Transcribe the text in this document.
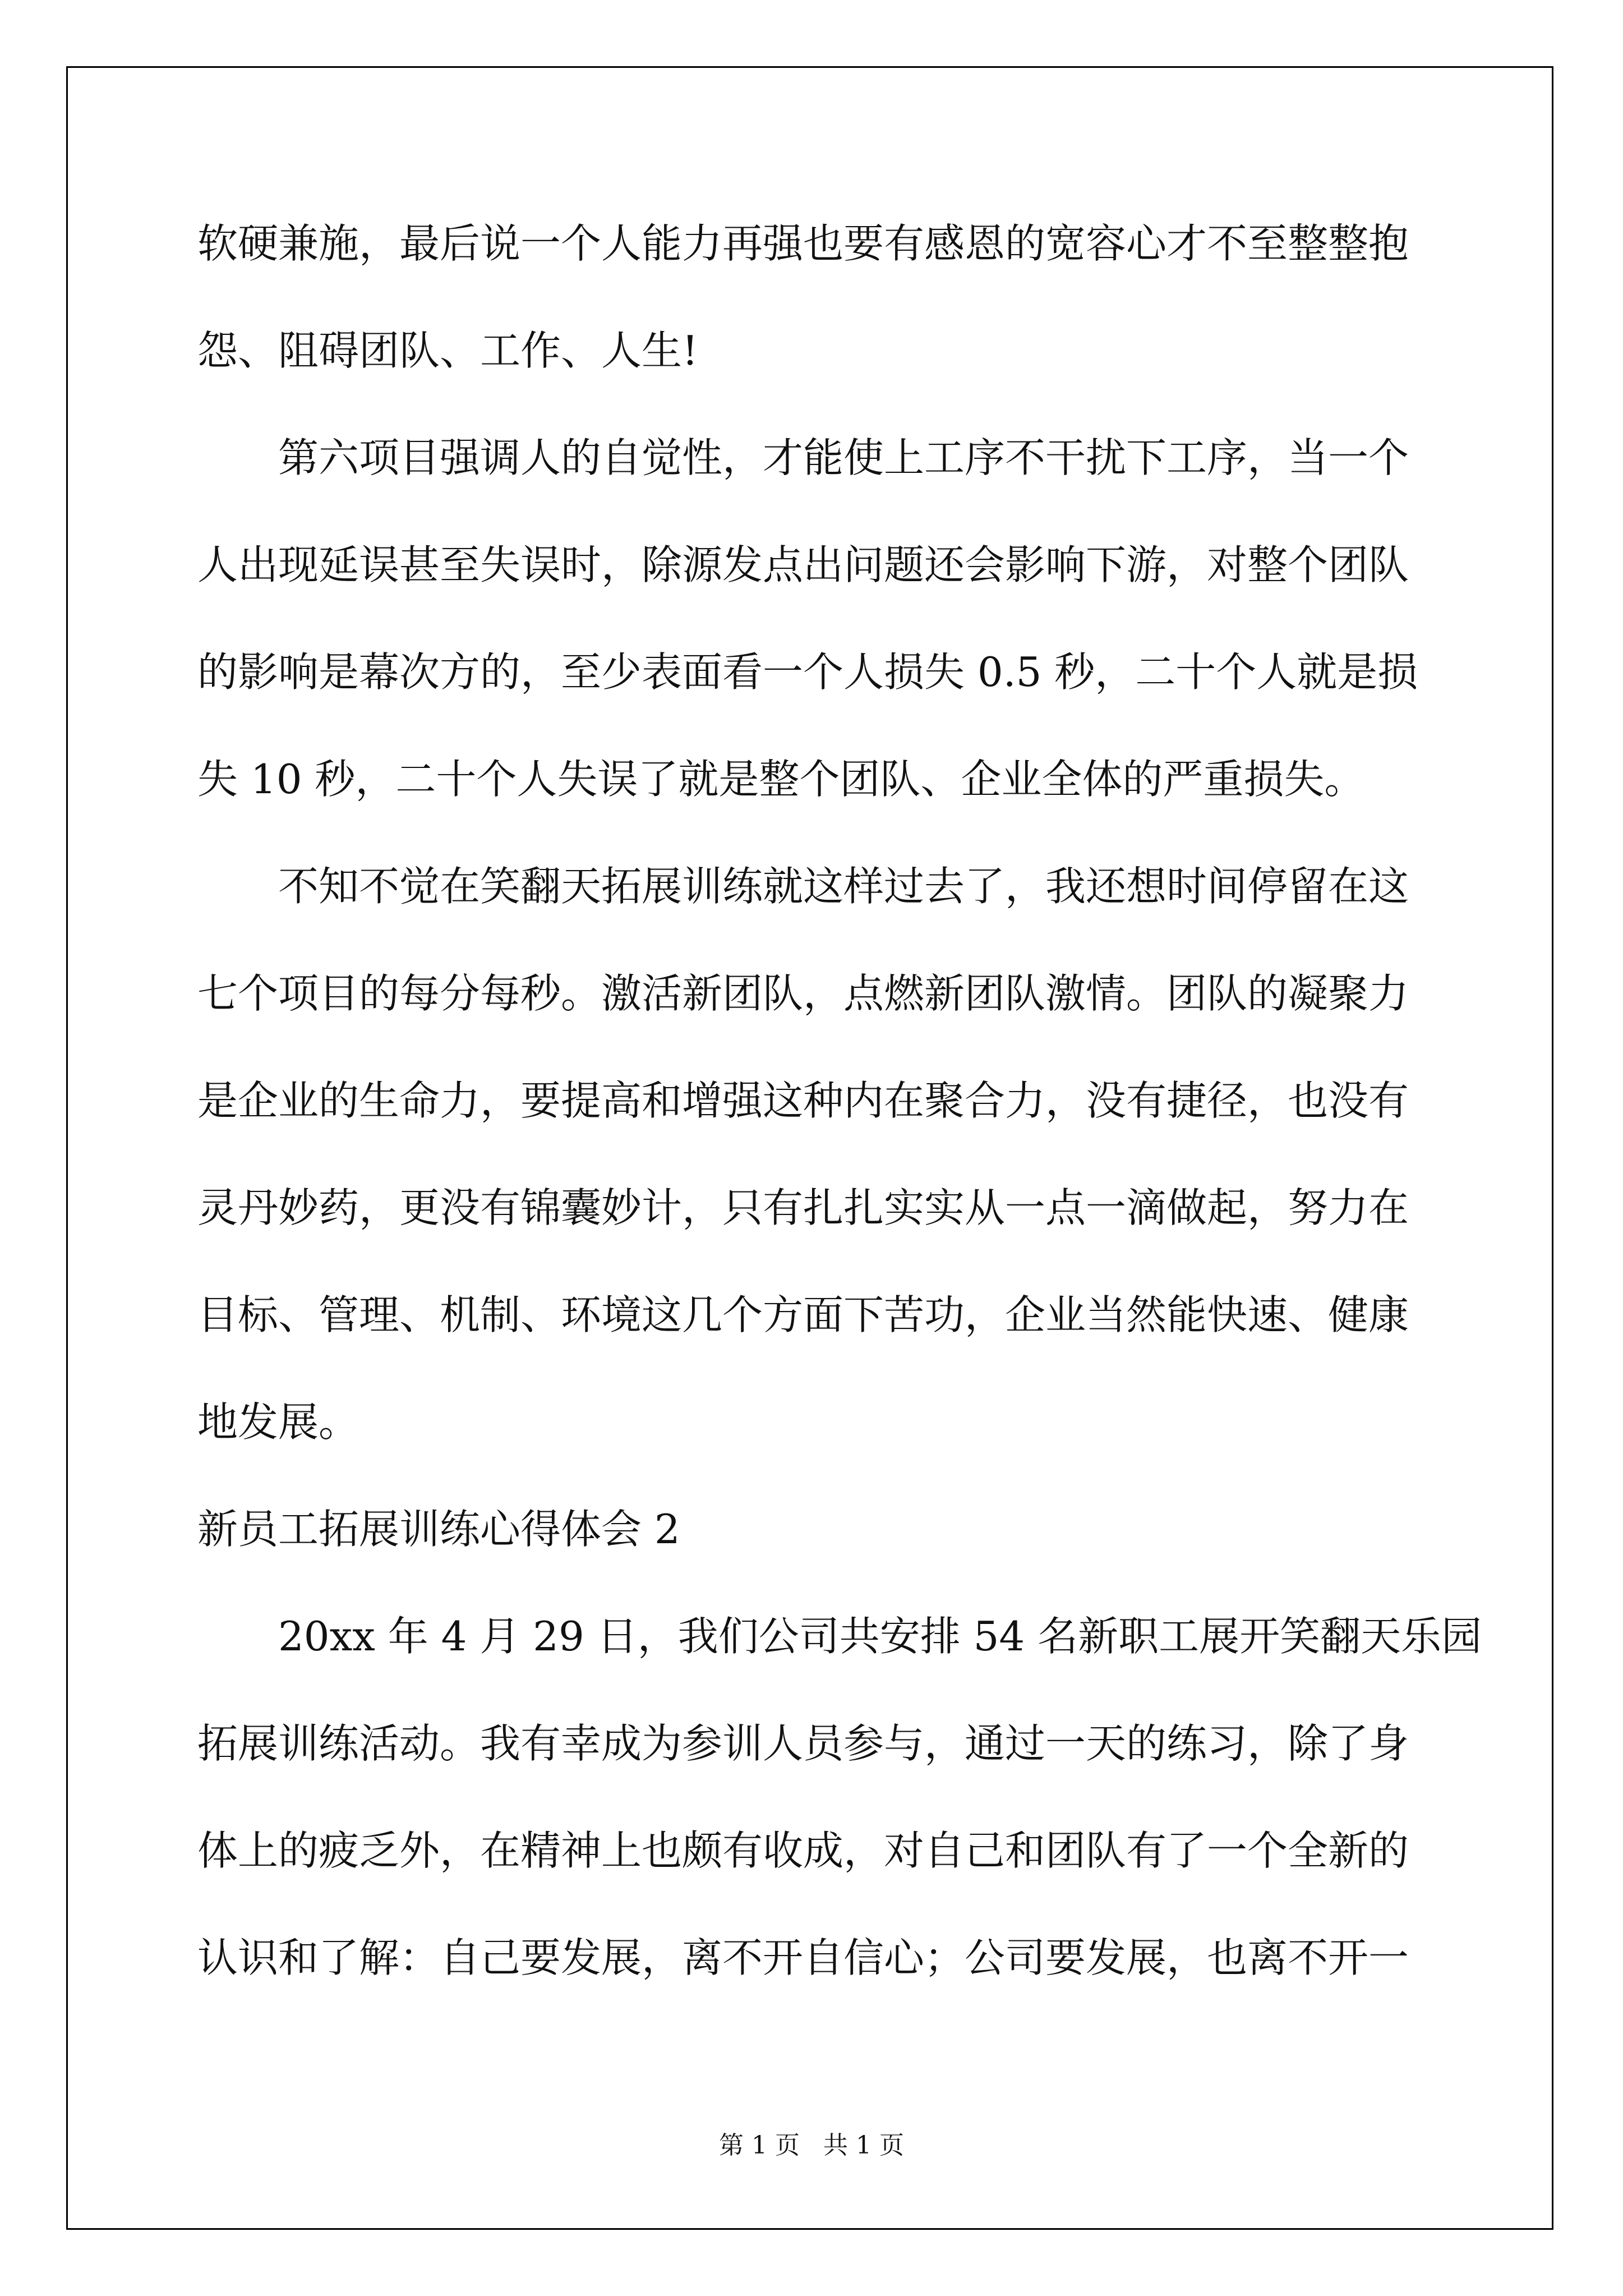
软硬兼施，最后说一个人能力再强也要有感恩的宽容心才不至整整抱
怨、阻碍团队、工作、人生!
第六项目强调人的自觉性，才能使上工序不干扰下工序，当一个
人出现延误甚至失误时，除源发点出问题还会影响下游，对整个团队
的影响是幕次方的，至少表面看一个人损失 0.5 秒，二十个人就是损
失 10 秒，二十个人失误了就是整个团队、企业全体的严重损失。
不知不觉在笑翻天拓展训练就这样过去了，我还想时间停留在这
七个项目的每分每秒。激活新团队，点燃新团队激情。团队的凝聚力
是企业的生命力，要提高和增强这种内在聚合力，没有捷径，也没有
灵丹妙药，更没有锦囊妙计，只有扎扎实实从一点一滴做起，努力在
目标、管理、机制、环境这几个方面下苦功，企业当然能快速、健康
地发展。
新员工拓展训练心得体会 2
20xx 年 4 月 29 日，我们公司共安排 54 名新职工展开笑翻天乐园
拓展训练活动。我有幸成为参训人员参与，通过一天的练习，除了身
体上的疲乏外，在精神上也颇有收成，对自己和团队有了一个全新的
认识和了解：自己要发展，离不开自信心；公司要发展，也离不开一
第 1 页   共 1 页
